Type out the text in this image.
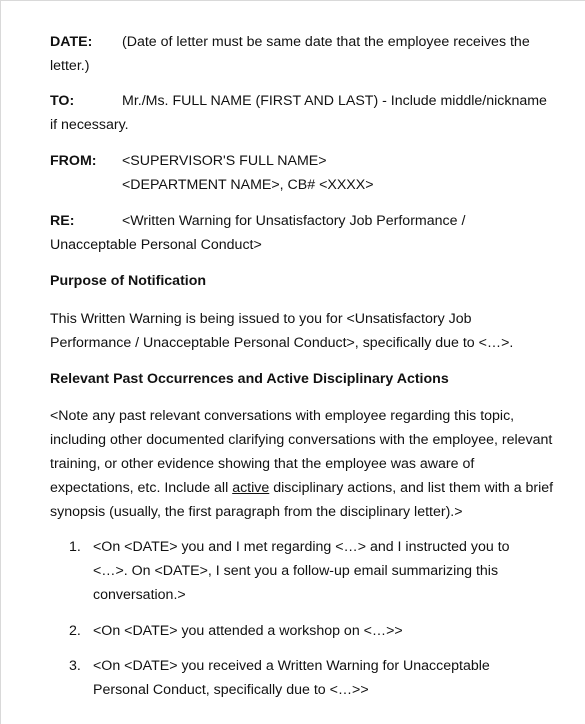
DATE: (Date of letter must be same date that the employee receives the
letter.)
TO:	Mr./Ms. FULL NAME (FIRST AND LAST) - Include middle/nickname
if necessary.
FROM: <SUPERVISOR'S FULL NAME>
<DEPARTMENT NAME>, CB# <XXXX>
RE:	<Written Warning for Unsatisfactory Job Performance /
Unacceptable Personal Conduct>
Purpose of Notification
This Written Warning is being issued to you for <Unsatisfactory Job
Performance / Unacceptable Personal Conduct>, specifically due to <…>.
Relevant Past Occurrences and Active Disciplinary Actions
<Note any past relevant conversations with employee regarding this topic,
including other documented clarifying conversations with the employee, relevant
training, or other evidence showing that the employee was aware of
expectations, etc. Include all active disciplinary actions, and list them with a brief
synopsis (usually, the first paragraph from the disciplinary letter).>
1. <On <DATE> you and I met regarding <…> and I instructed you to
<…>. On <DATE>, I sent you a follow-up email summarizing this
conversation.>
2. <On <DATE> you attended a workshop on <…>>
3. <On <DATE> you received a Written Warning for Unacceptable
Personal Conduct, specifically due to <…>>
